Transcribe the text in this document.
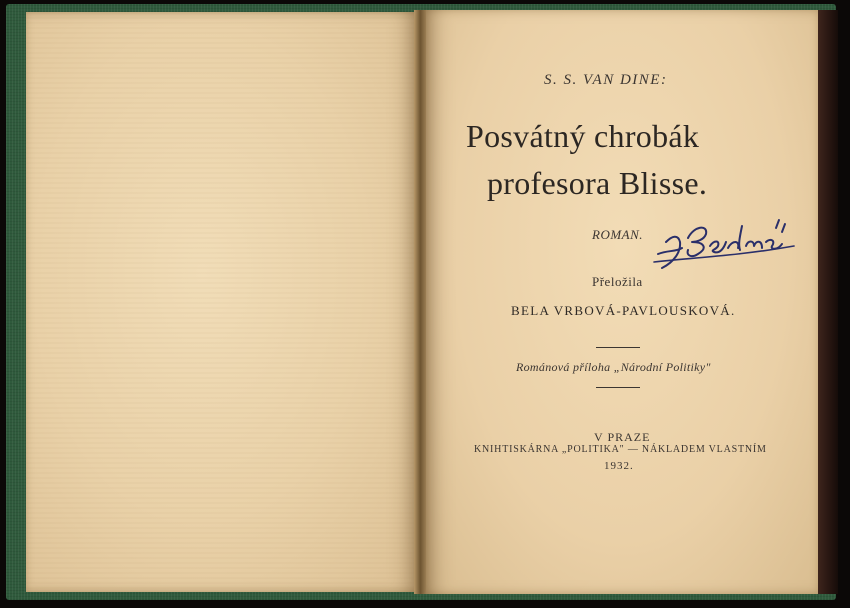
S. S. VAN DINE:
Posvátný chrobák
profesora Blisse.
ROMAN.
Přeložila
BELA VRBOVÁ-PAVLOUSKOVÁ.
Románová příloha „Národní Politiky"
V PRAZE
KNIHTISKÁRNA „POLITIKA" — NÁKLADEM VLASTNÍM
1932.
